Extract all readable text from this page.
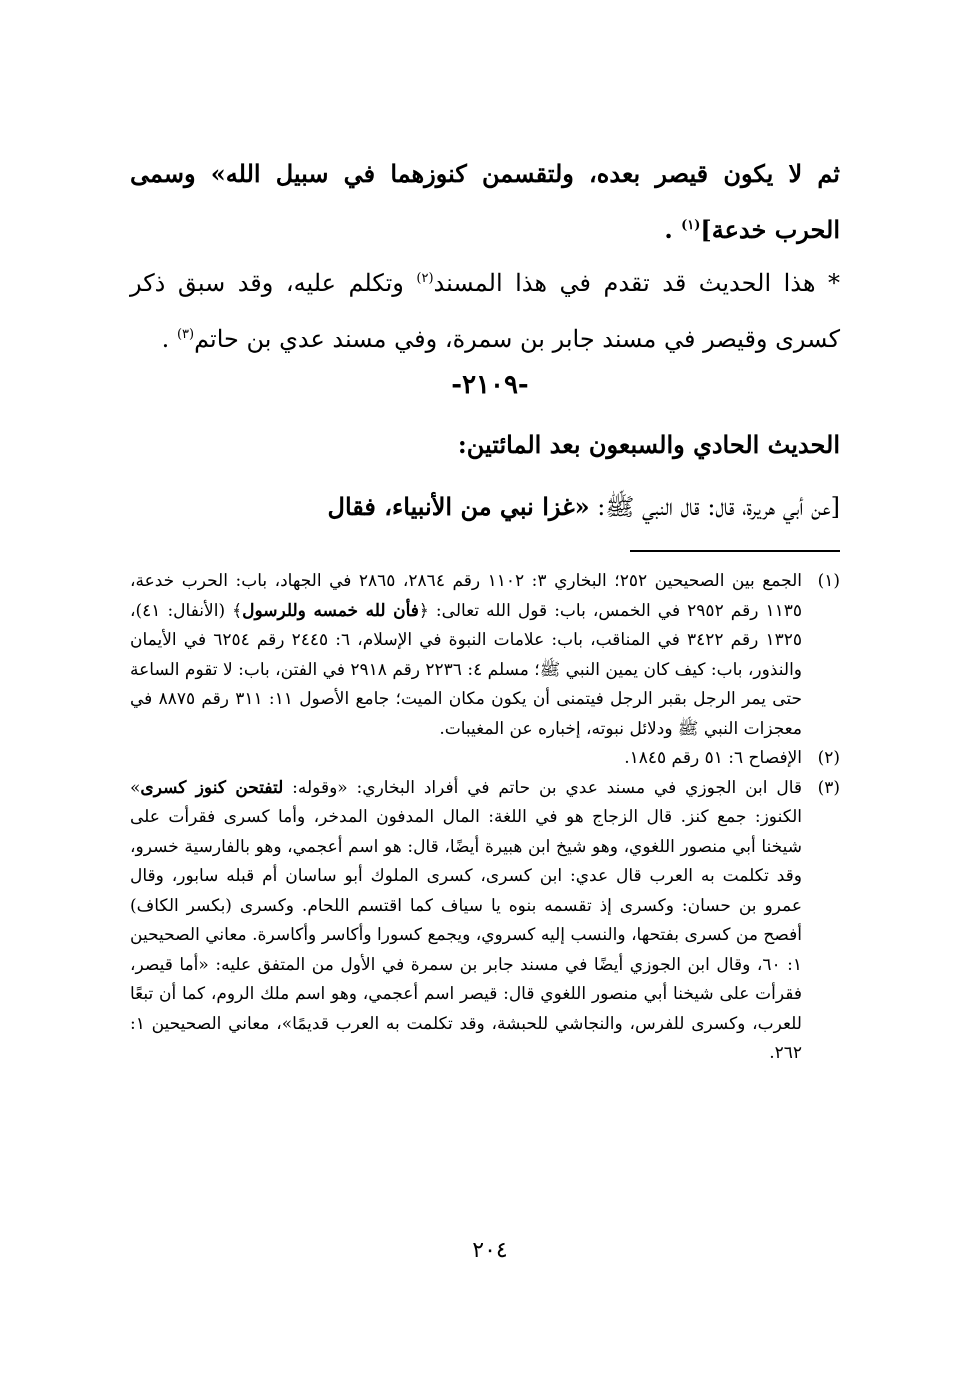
ثم لا يكون قيصر بعده، ولتقسمن كنوزهما في سبيل الله» وسمى الحرب خدعة]$^{(١)}$ .
* هذا الحديث قد تقدم في هذا المسند$^{(٢)}$ وتكلم عليه، وقد سبق ذكر كسرى وقيصر في مسند جابر بن سمرة، وفي مسند عدي بن حاتم$^{(٣)}$ .
-٢١٠٩-
الحديث الحادي والسبعون بعد المائتين:
[عن أبي هريرة، قال: قال النبي ﷺ: «غزا نبي من الأنبياء، فقال
(١)
الجمع بين الصحيحين ٢٥٢؛ البخاري ٣: ١١٠٢ رقم ٢٨٦٤، ٢٨٦٥ في الجهاد، باب: الحرب خدعة، ١١٣٥ رقم ٢٩٥٢ في الخمس، باب: قول الله تعالى: ﴿فأن لله خمسه وللرسول﴾ (الأنفال: ٤١)، ١٣٢٥ رقم ٣٤٢٢ في المناقب، باب: علامات النبوة في الإسلام، ٦: ٢٤٤٥ رقم ٦٢٥٤ في الأيمان والنذور، باب: كيف كان يمين النبي ﷺ؛ مسلم ٤: ٢٢٣٦ رقم ٢٩١٨ في الفتن، باب: لا تقوم الساعة حتى يمر الرجل بقبر الرجل فيتمنى أن يكون مكان الميت؛ جامع الأصول ١١: ٣١١ رقم ٨٨٧٥ في معجزات النبي ﷺ ودلائل نبوته، إخباره عن المغيبات.
(٢)
الإفصاح ٦: ٥١ رقم ١٨٤٥.
(٣)
قال ابن الجوزي في مسند عدي بن حاتم في أفراد البخاري: «وقوله: لتفتحن كنوز كسرى» الكنوز: جمع كنز. قال الزجاج هو في اللغة: المال المدفون المدخر، وأما كسرى فقرأت على شيخنا أبي منصور اللغوي، وهو شيخ ابن هبيرة أيضًا، قال: هو اسم أعجمي، وهو بالفارسية خسرو، وقد تكلمت به العرب قال عدي: ابن كسرى، كسرى الملوك أبو ساسان أم قبله سابور، وقال عمرو بن حسان: وكسرى إذ تقسمه بنوه يا سياف كما اقتسم اللحام. وكسرى (بكسر الكاف) أفصح من كسرى بفتحها، والنسب إليه كسروي، ويجمع كسورا وأكاسر وأكاسرة. معاني الصحيحين ١: ٦٠، وقال ابن الجوزي أيضًا في مسند جابر بن سمرة في الأول من المتفق عليه: «أما قيصر، فقرأت على شيخنا أبي منصور اللغوي قال: قيصر اسم أعجمي، وهو اسم ملك الروم، كما أن تبعًا للعرب، وكسرى للفرس، والنجاشي للحبشة، وقد تكلمت به العرب قديمًا»، معاني الصحيحين ١: ٢٦٢.
٢٠٤
